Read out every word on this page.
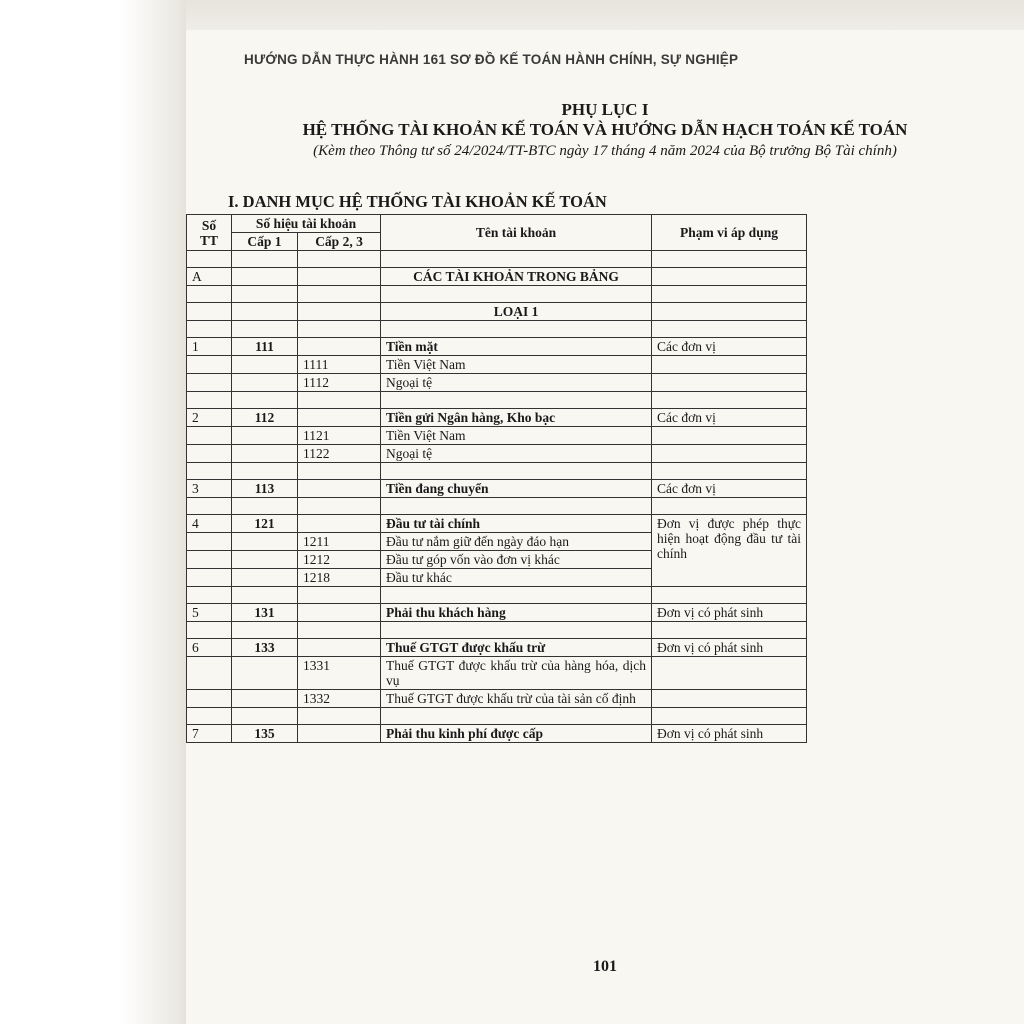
HƯỚNG DẪN THỰC HÀNH 161 SƠ ĐỒ KẾ TOÁN HÀNH CHÍNH, SỰ NGHIỆP
PHỤ LỤC I
HỆ THỐNG TÀI KHOẢN KẾ TOÁN VÀ HƯỚNG DẪN HẠCH TOÁN KẾ TOÁN
(Kèm theo Thông tư số 24/2024/TT-BTC ngày 17 tháng 4 năm 2024 của Bộ trưởng Bộ Tài chính)
I. DANH MỤC HỆ THỐNG TÀI KHOẢN KẾ TOÁN
Số TT	Số hiệu tài khoản		Tên tài khoản	Phạm vi áp dụng
	Cấp 1	Cấp 2, 3		

A			CÁC TÀI KHOẢN TRONG BẢNG	

			LOẠI 1	

1	111		Tiền mặt	Các đơn vị
		1111	Tiền Việt Nam	
		1112	Ngoại tệ	

2	112		Tiền gửi Ngân hàng, Kho bạc	Các đơn vị
		1121	Tiền Việt Nam	
		1122	Ngoại tệ	

3	113		Tiền đang chuyển	Các đơn vị

4	121		Đầu tư tài chính	Đơn vị được phép thực hiện hoạt động đầu tư tài chính
		1211	Đầu tư nắm giữ đến ngày đáo hạn	
		1212	Đầu tư góp vốn vào đơn vị khác	
		1218	Đầu tư khác	

5	131		Phải thu khách hàng	Đơn vị có phát sinh

6	133		Thuế GTGT được khấu trừ	Đơn vị có phát sinh
		1331	Thuế GTGT được khấu trừ của hàng hóa, dịch vụ	
		1332	Thuế GTGT được khấu trừ của tài sản cố định	

7	135		Phải thu kinh phí được cấp	Đơn vị có phát sinh
101
